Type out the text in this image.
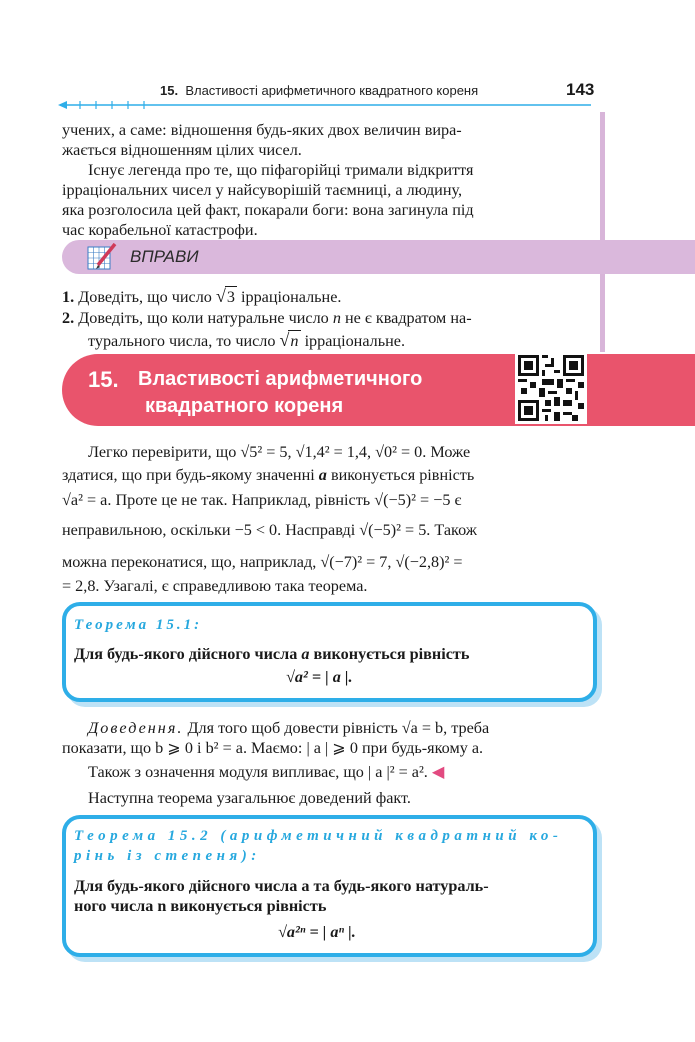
15. Властивості арифметичного квадратного кореня	143
учених, а саме: відношення будь-яких двох величин вира-
жається відношенням цілих чисел.
Існує легенда про те, що піфагорійці тримали відкриття
ірраціональних чисел у найсуворішій таємниці, а людину,
яка розголосила цей факт, покарали боги: вона загинула під
час корабельної катастрофи.
ВПРАВИ
1. Доведіть, що число √3 ірраціональне.
2. Доведіть, що коли натуральне число n не є квадратом на-
турального числа, то число √n ірраціональне.
15. Властивості арифметичного
квадратного кореня
Легко перевірити, що √5² = 5, √1,4² = 1,4, √0² = 0. Може
здатися, що при будь-якому значенні a виконується рівність
√a² = a. Проте це не так. Наприклад, рівність √(−5)² = −5 є
неправильною, оскільки −5 < 0. Насправді √(−5)² = 5. Також
можна переконатися, що, наприклад, √(−7)² = 7, √(−2,8)² =
= 2,8. Узагалі, є справедливою така теорема.
Теорема 15.1:
Для будь-якого дійсного числа a виконується рівність
√a² = | a |.
Доведення. Для того щоб довести рівність √a = b, треба
показати, що b ⩾ 0 і b² = a. Маємо: | a | ⩾ 0 при будь-якому a.
Також з означення модуля випливає, що | a |² = a². ◀
Наступна теорема узагальнює доведений факт.
Теорема 15.2 (арифметичний квадратний ко-
рінь із степеня):
Для будь-якого дійсного числа a та будь-якого натураль-
ного числа n виконується рівність
√a²ⁿ = | aⁿ |.
